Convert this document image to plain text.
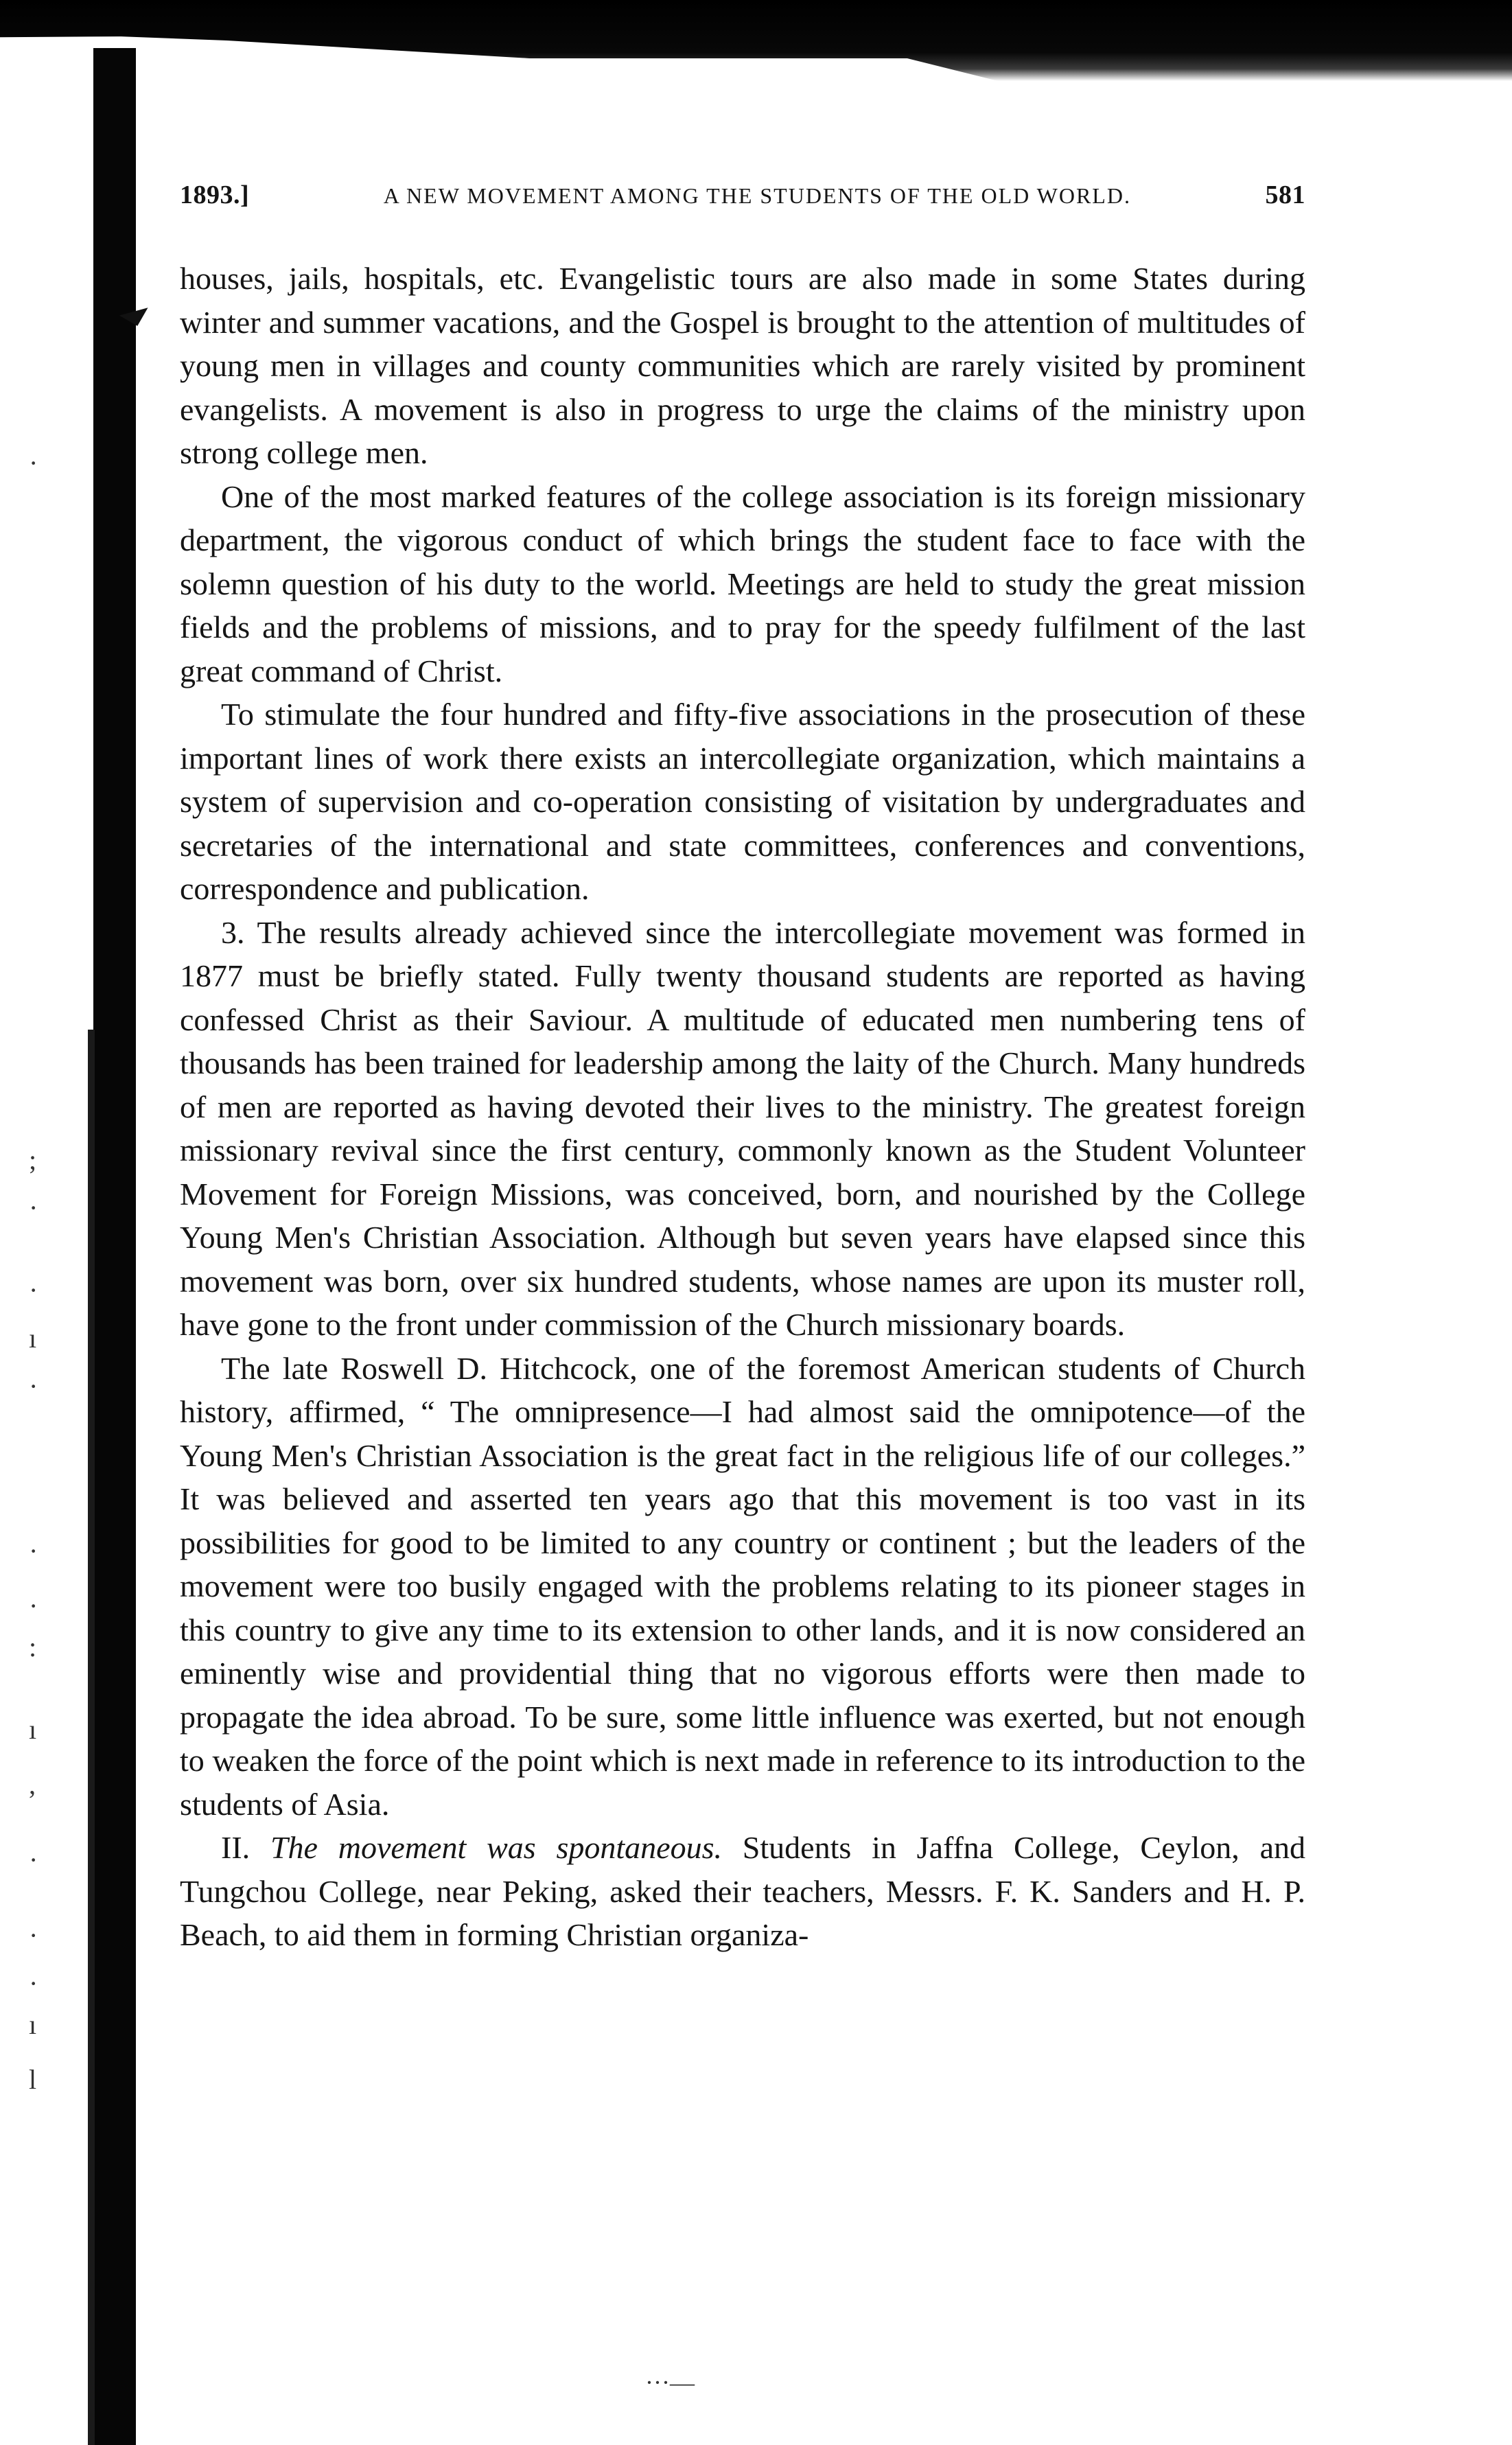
◢
·
;
·
·
ı
·
·
·
:
ı
,
·
·
·
ı
l
1893.]	A NEW MOVEMENT AMONG THE STUDENTS OF THE OLD WORLD.	581

houses, jails, hospitals, etc. Evangelistic tours are also made in some States during winter and summer vacations, and the Gospel is brought to the attention of multitudes of young men in villages and county communities which are rarely visited by prominent evangelists. A movement is also in progress to urge the claims of the ministry upon strong college men.

One of the most marked features of the college association is its foreign missionary department, the vigorous conduct of which brings the student face to face with the solemn question of his duty to the world. Meetings are held to study the great mission fields and the problems of missions, and to pray for the speedy fulfilment of the last great command of Christ.

To stimulate the four hundred and fifty-five associations in the prosecution of these important lines of work there exists an intercollegiate organization, which maintains a system of supervision and co-operation consisting of visitation by undergraduates and secretaries of the international and state committees, conferences and conventions, correspondence and publication.

3. The results already achieved since the intercollegiate movement was formed in 1877 must be briefly stated. Fully twenty thousand students are reported as having confessed Christ as their Saviour. A multitude of educated men numbering tens of thousands has been trained for leadership among the laity of the Church. Many hundreds of men are reported as having devoted their lives to the ministry. The greatest foreign missionary revival since the first century, commonly known as the Student Volunteer Movement for Foreign Missions, was conceived, born, and nourished by the College Young Men's Christian Association. Although but seven years have elapsed since this movement was born, over six hundred students, whose names are upon its muster roll, have gone to the front under commission of the Church missionary boards.

The late Roswell D. Hitchcock, one of the foremost American students of Church history, affirmed, “ The omnipresence—I had almost said the omnipotence—of the Young Men's Christian Association is the great fact in the religious life of our colleges.” It was believed and asserted ten years ago that this movement is too vast in its possibilities for good to be limited to any country or continent ; but the leaders of the movement were too busily engaged with the problems relating to its pioneer stages in this country to give any time to its extension to other lands, and it is now considered an eminently wise and providential thing that no vigorous efforts were then made to propagate the idea abroad. To be sure, some little influence was exerted, but not enough to weaken the force of the point which is next made in reference to its introduction to the students of Asia.

II. The movement was spontaneous. Students in Jaffna College, Ceylon, and Tungchou College, near Peking, asked their teachers, Messrs. F. K. Sanders and H. P. Beach, to aid them in forming Christian organiza-

···—
